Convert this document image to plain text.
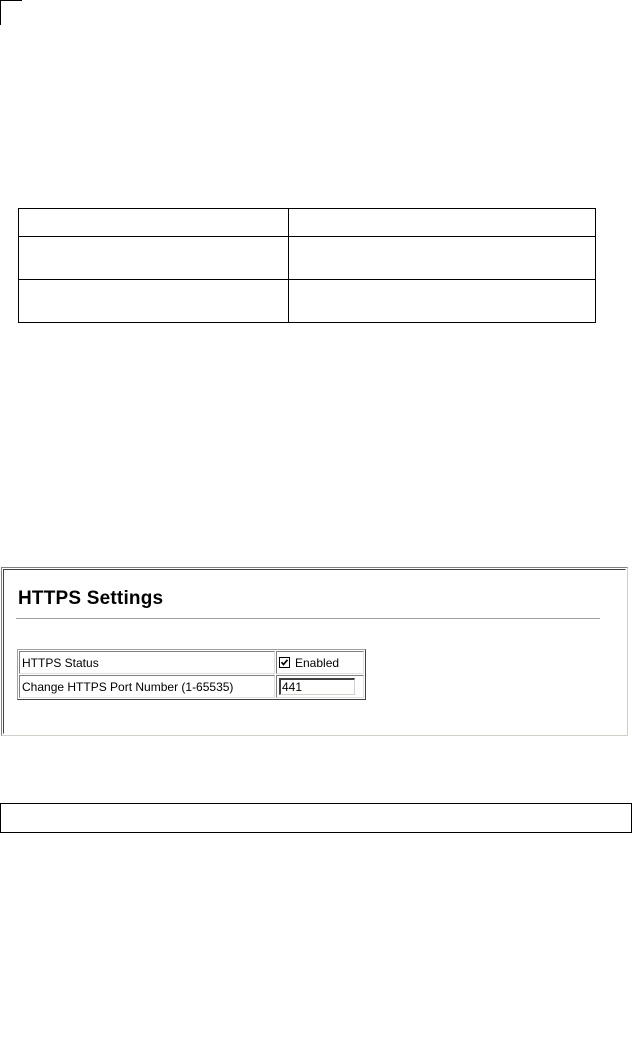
HTTPS Settings
HTTPS Status	Enabled
Change HTTPS Port Number (1-65535)	441
